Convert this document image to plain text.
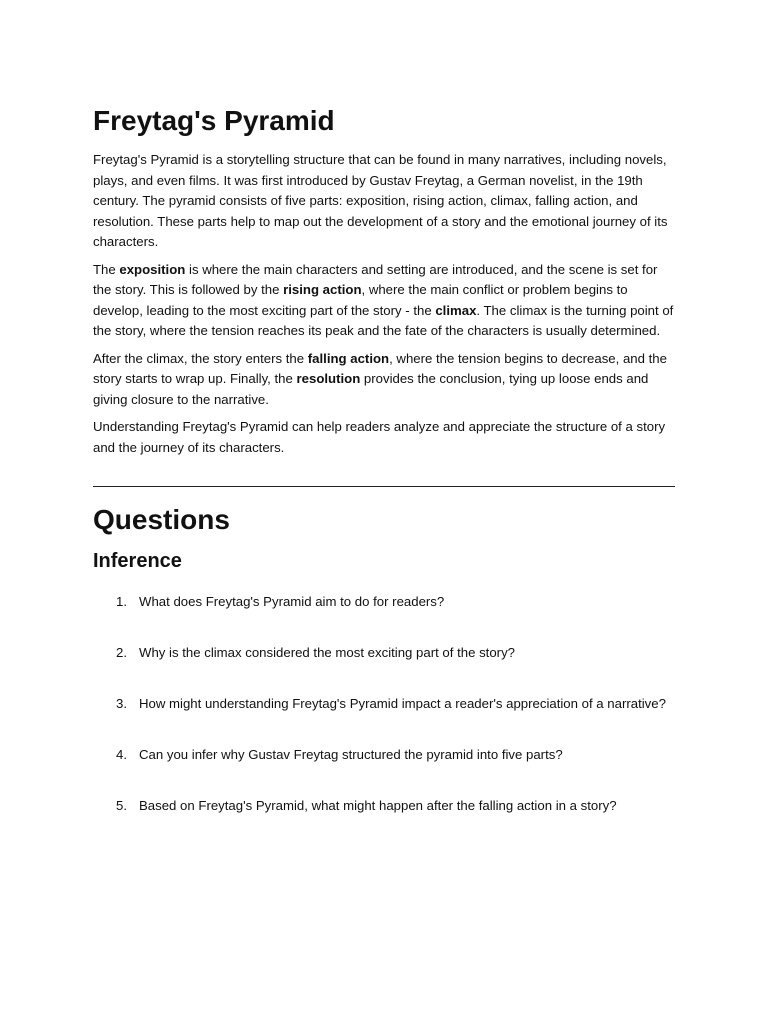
Freytag's Pyramid

Freytag's Pyramid is a storytelling structure that can be found in many narratives, including novels, plays, and even films. It was first introduced by Gustav Freytag, a German novelist, in the 19th century. The pyramid consists of five parts: exposition, rising action, climax, falling action, and resolution. These parts help to map out the development of a story and the emotional journey of its characters.

The exposition is where the main characters and setting are introduced, and the scene is set for the story. This is followed by the rising action, where the main conflict or problem begins to develop, leading to the most exciting part of the story - the climax. The climax is the turning point of the story, where the tension reaches its peak and the fate of the characters is usually determined.

After the climax, the story enters the falling action, where the tension begins to decrease, and the story starts to wrap up. Finally, the resolution provides the conclusion, tying up loose ends and giving closure to the narrative.

Understanding Freytag's Pyramid can help readers analyze and appreciate the structure of a story and the journey of its characters.

Questions
Inference
1. What does Freytag's Pyramid aim to do for readers?
2. Why is the climax considered the most exciting part of the story?
3. How might understanding Freytag's Pyramid impact a reader's appreciation of a narrative?
4. Can you infer why Gustav Freytag structured the pyramid into five parts?
5. Based on Freytag's Pyramid, what might happen after the falling action in a story?
